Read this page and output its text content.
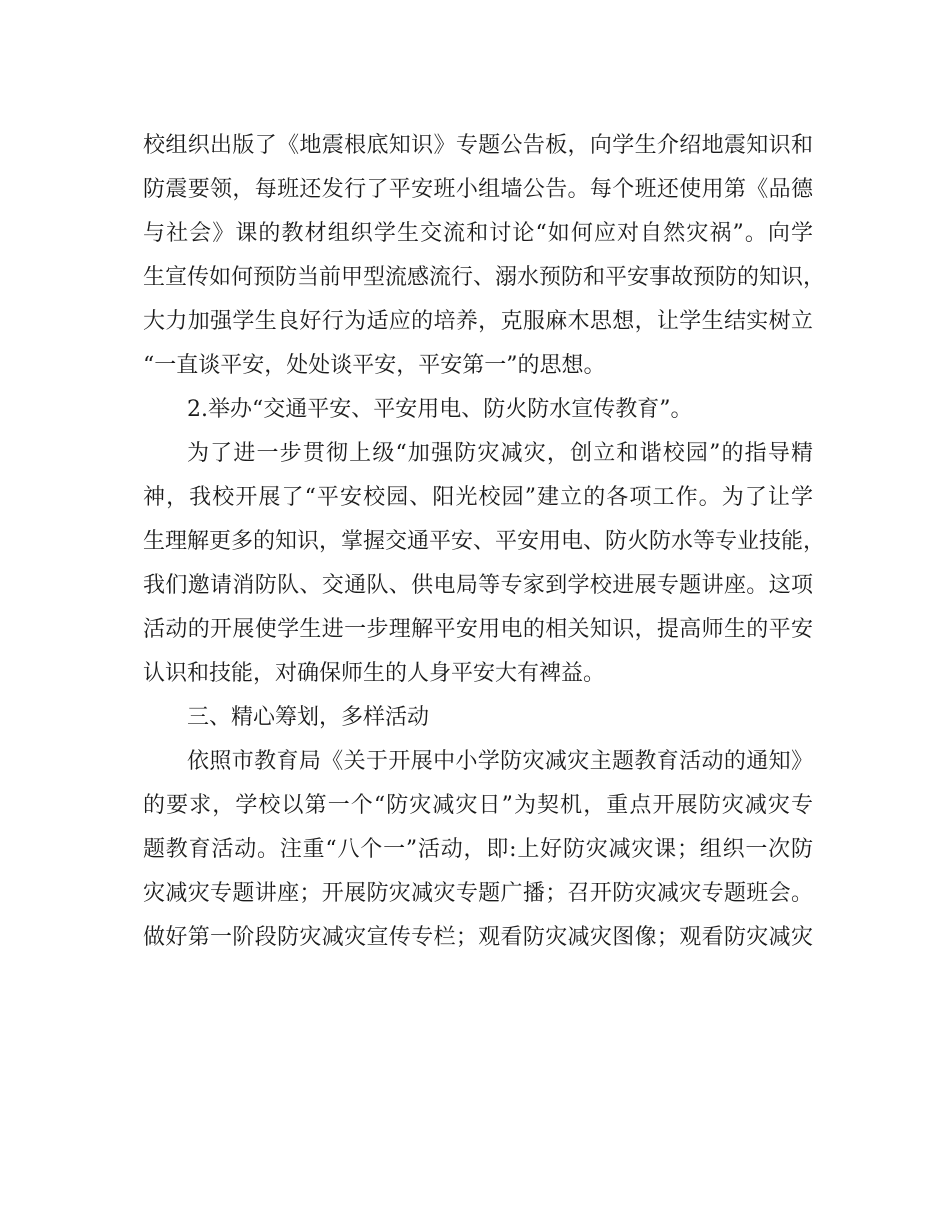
校组织出版了《地震根底知识》专题公告板，向学生介绍地震知识和
防震要领，每班还发行了平安班小组墙公告。每个班还使用第《品德
与社会》课的教材组织学生交流和讨论“如何应对自然灾祸”。向学
生宣传如何预防当前甲型流感流行、溺水预防和平安事故预防的知识，
大力加强学生良好行为适应的培养，克服麻木思想，让学生结实树立
“一直谈平安，处处谈平安，平安第一”的思想。
2.举办“交通平安、平安用电、防火防水宣传教育”。
为了进一步贯彻上级“加强防灾减灾，创立和谐校园”的指导精
神，我校开展了“平安校园、阳光校园”建立的各项工作。为了让学
生理解更多的知识，掌握交通平安、平安用电、防火防水等专业技能，
我们邀请消防队、交通队、供电局等专家到学校进展专题讲座。这项
活动的开展使学生进一步理解平安用电的相关知识，提高师生的平安
认识和技能，对确保师生的人身平安大有裨益。
三、精心筹划，多样活动
依照市教育局《关于开展中小学防灾减灾主题教育活动的通知》
的要求，学校以第一个“防灾减灾日”为契机，重点开展防灾减灾专
题教育活动。注重“八个一”活动，即:上好防灾减灾课；组织一次防
灾减灾专题讲座；开展防灾减灾专题广播；召开防灾减灾专题班会。
做好第一阶段防灾减灾宣传专栏；观看防灾减灾图像；观看防灾减灾
